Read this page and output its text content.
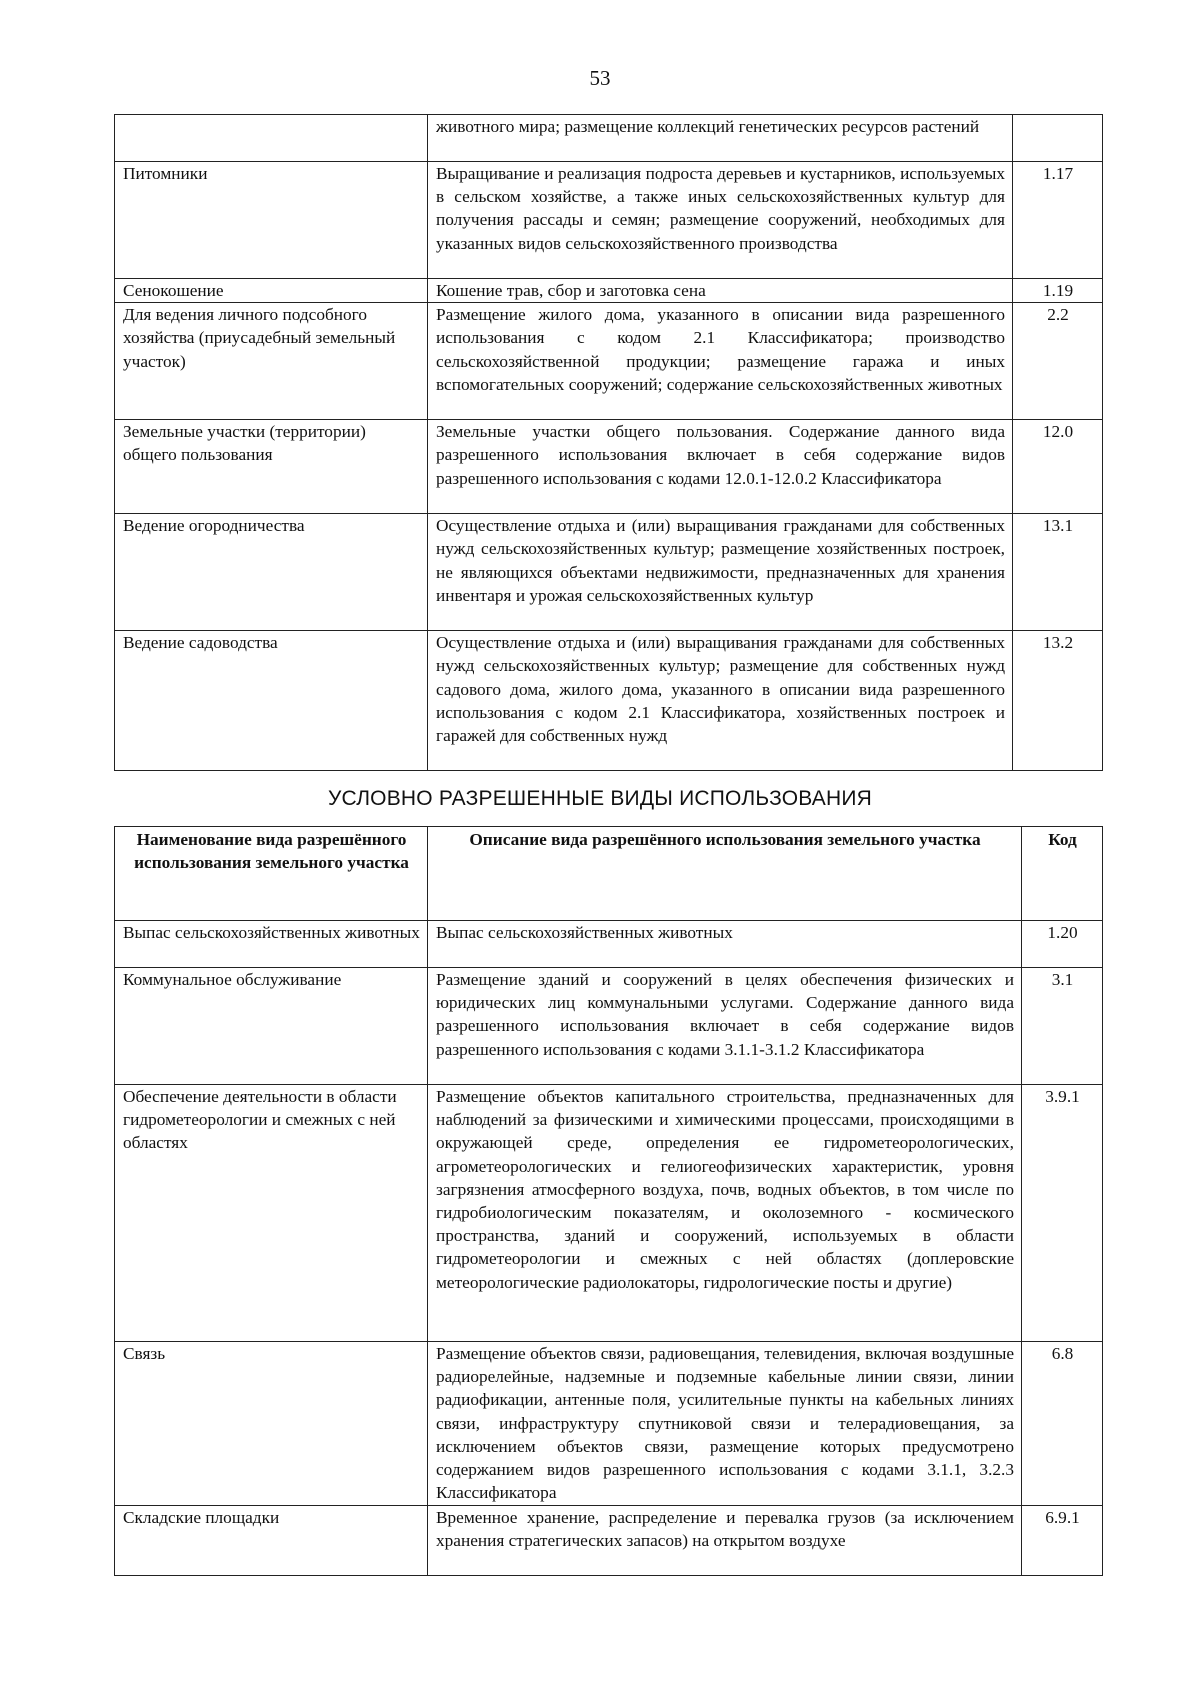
53
	животного мира; размещение коллекций генетических ресурсов растений	
Питомники	Выращивание и реализация подроста деревьев и кустарников, используемых в сельском хозяйстве, а также иных сельскохозяйственных культур для получения рассады и семян; размещение сооружений, необходимых для указанных видов сельскохозяйственного производства	1.17
Сенокошение	Кошение трав, сбор и заготовка сена	1.19
Для ведения личного подсобного хозяйства (приусадебный земельный участок)	Размещение жилого дома, указанного в описании вида разрешенного использования с кодом 2.1 Классификатора; производство сельскохозяйственной продукции; размещение гаража и иных вспомогательных сооружений; содержание сельскохозяйственных животных	2.2
Земельные участки (территории) общего пользования	Земельные участки общего пользования. Содержание данного вида разрешенного использования включает в себя содержание видов разрешенного использования с кодами 12.0.1-12.0.2 Классификатора	12.0
Ведение огородничества	Осуществление отдыха и (или) выращивания гражданами для собственных нужд сельскохозяйственных культур; размещение хозяйственных построек, не являющихся объектами недвижимости, предназначенных для хранения инвентаря и урожая сельскохозяйственных культур	13.1
Ведение садоводства	Осуществление отдыха и (или) выращивания гражданами для собственных нужд сельскохозяйственных культур; размещение для собственных нужд садового дома, жилого дома, указанного в описании вида разрешенного использования с кодом 2.1 Классификатора, хозяйственных построек и гаражей для собственных нужд	13.2
УСЛОВНО РАЗРЕШЕННЫЕ ВИДЫ ИСПОЛЬЗОВАНИЯ
Наименование вида разрешённого использования земельного участка	Описание вида разрешённого использования земельного участка	Код
Выпас сельскохозяйственных животных	Выпас сельскохозяйственных животных	1.20
Коммунальное обслуживание	Размещение зданий и сооружений в целях обеспечения физических и юридических лиц коммунальными услугами. Содержание данного вида разрешенного использования включает в себя содержание видов разрешенного использования с кодами 3.1.1-3.1.2 Классификатора	3.1
Обеспечение деятельности в области гидрометеорологии и смежных с ней областях	Размещение объектов капитального строительства, предназначенных для наблюдений за физическими и химическими процессами, происходящими в окружающей среде, определения ее гидрометеорологических, агрометеорологических и гелиогеофизических характеристик, уровня загрязнения атмосферного воздуха, почв, водных объектов, в том числе по гидробиологическим показателям, и околоземного - космического пространства, зданий и сооружений, используемых в области гидрометеорологии и смежных с ней областях (доплеровские метеорологические радиолокаторы, гидрологические посты и другие)	3.9.1
Связь	Размещение объектов связи, радиовещания, телевидения, включая воздушные радиорелейные, надземные и подземные кабельные линии связи, линии радиофикации, антенные поля, усилительные пункты на кабельных линиях связи, инфраструктуру спутниковой связи и телерадиовещания, за исключением объектов связи, размещение которых предусмотрено содержанием видов разрешенного использования с кодами 3.1.1, 3.2.3 Классификатора	6.8
Складские площадки	Временное хранение, распределение и перевалка грузов (за исключением хранения стратегических запасов) на открытом воздухе	6.9.1
